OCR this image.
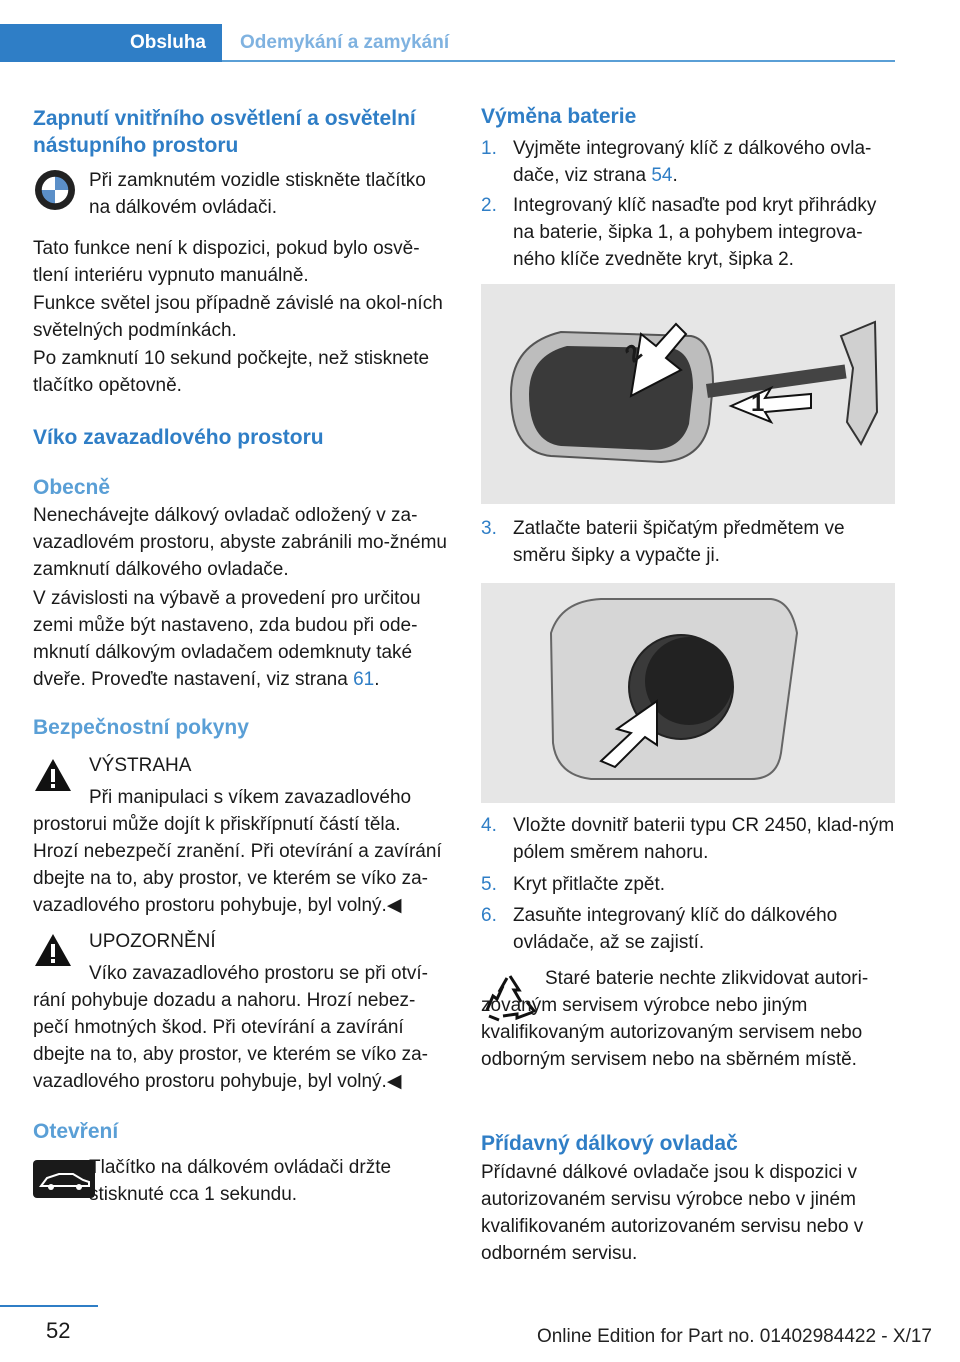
Obsluha	Odemykání a zamykání
Zapnutí vnitřního osvětlení a osvětelní nástupního prostoru

Při zamknutém vozidle stiskněte tlačítko na dálkovém ovládači.

Tato funkce není k dispozici, pokud bylo osvě‐tlení interiéru vypnuto manuálně.

Funkce světel jsou případně závislé na okol‐ních světelných podmínkách.

Po zamknutí 10 sekund počkejte, než stisknete tlačítko opětovně.

Víko zavazadlového prostoru
Obecně

Nenechávejte dálkový ovladač odložený v za‐vazadlovém prostoru, abyste zabránili mo‐žnému zamknutí dálkového ovladače.

V závislosti na výbavě a provedení pro určitou zemi může být nastaveno, zda budou při ode‐mknutí dálkovým ovladačem odemknuty také dveře. Proveďte nastavení, viz strana 61.

Bezpečnostní pokyny

VÝSTRAHA

Při manipulaci s víkem zavazadlového prostorui může dojít k přiskřípnutí částí těla. Hrozí nebezpečí zranění. Při otevírání a zavírání dbejte na to, aby prostor, ve kterém se víko za‐vazadlového prostoru pohybuje, byl volný.◀

UPOZORNĚNÍ

Víko zavazadlového prostoru se při otví‐rání pohybuje dozadu a nahoru. Hrozí nebez‐pečí hmotných škod. Při otevírání a zavírání dbejte na to, aby prostor, ve kterém se víko za‐vazadlového prostoru pohybuje, byl volný.◀

Otevření

Tlačítko na dálkovém ovládači držte stisknuté cca 1 sekundu.

Výměna baterie
1. Vyjměte integrovaný klíč z dálkového ovla‐dače, viz strana 54.

2. Integrovaný klíč nasaďte pod kryt přihrádky na baterie, šipka 1, a pohybem integrova‐ného klíče zvedněte kryt, šipka 2.

2
1
3. Zatlačte baterii špičatým předmětem ve směru šipky a vypačte ji.

4. Vložte dovnitř baterii typu CR 2450, klad‐ným pólem směrem nahoru.

5. Kryt přitlačte zpět.

6. Zasuňte integrovaný klíč do dálkového ovládače, až se zajistí.

Staré baterie nechte zlikvidovat autori‐zovaným servisem výrobce nebo jiným kvalifikovaným autorizovaným servisem nebo odborným servisem nebo na sběrném místě.

Přídavný dálkový ovladač

Přídavné dálkové ovladače jsou k dispozici v autorizovaném servisu výrobce nebo v jiném kvalifikovaném autorizovaném servisu nebo v odborném servisu.

52	Online Edition for Part no. 01402984422 - X/17
